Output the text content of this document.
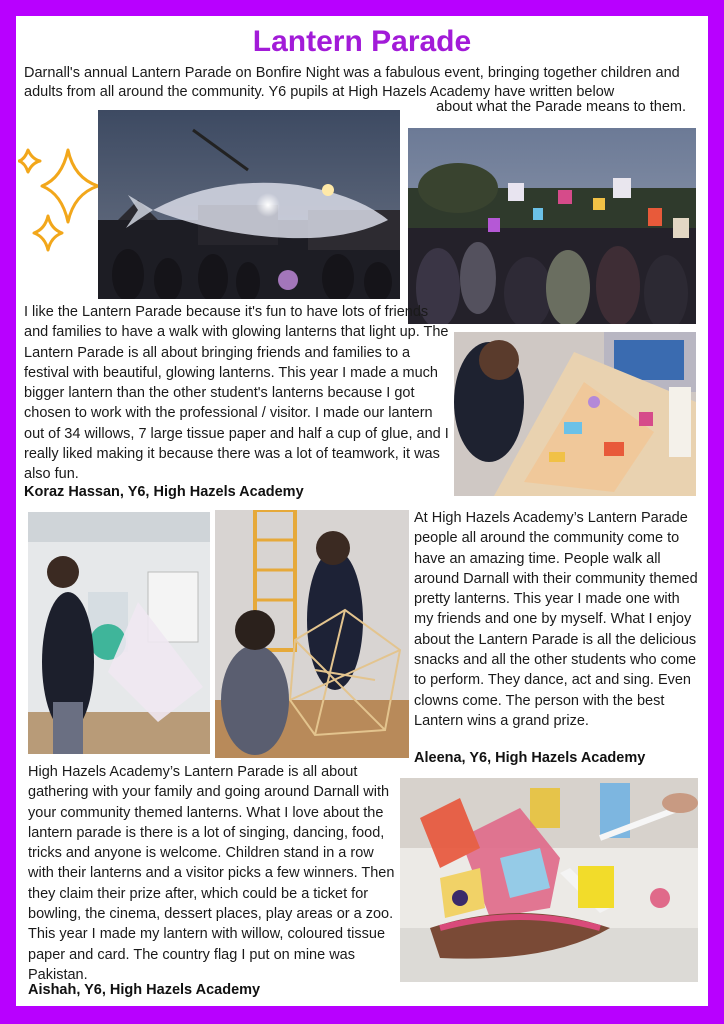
Lantern Parade

Darnall's annual Lantern Parade on Bonfire Night was a fabulous event, bringing together children and adults from all around the community. Y6 pupils at High Hazels Academy have written below

about what the Parade means to them.

I like the Lantern Parade because it's fun to have lots of friends and families to have a walk with glowing lanterns that light up. The Lantern Parade is all about bringing friends and families to a festival with beautiful, glowing lanterns. This year I made a much bigger lantern than the other student's lanterns because I got chosen to work with the professional / visitor. I made our lantern out of 34 willows, 7 large tissue paper and half a cup of glue, and I really liked making it because there was a lot of teamwork, it was also fun.

Koraz Hassan, Y6, High Hazels Academy

At High Hazels Academy’s Lantern Parade people all around the community come to have an amazing time. People walk all around Darnall with their community themed pretty lanterns. This year I made one with my friends and one by myself. What I enjoy about the Lantern Parade is all the delicious snacks and all the other students who come to perform. They dance, act and sing. Even clowns come. The person with the best Lantern wins a grand prize.

Aleena, Y6, High Hazels Academy

High Hazels Academy’s Lantern Parade is all about gathering with your family and going around Darnall with your community themed lanterns. What I love about the lantern parade is there is a lot of singing, dancing, food, tricks and anyone is welcome. Children stand in a row with their lanterns and a visitor picks a few winners. Then they claim their prize after, which could be a ticket for bowling, the cinema, dessert places, play areas or a zoo. This year I made my lantern with willow, coloured tissue paper and card. The country flag I put on mine was Pakistan.

Aishah, Y6, High Hazels Academy
